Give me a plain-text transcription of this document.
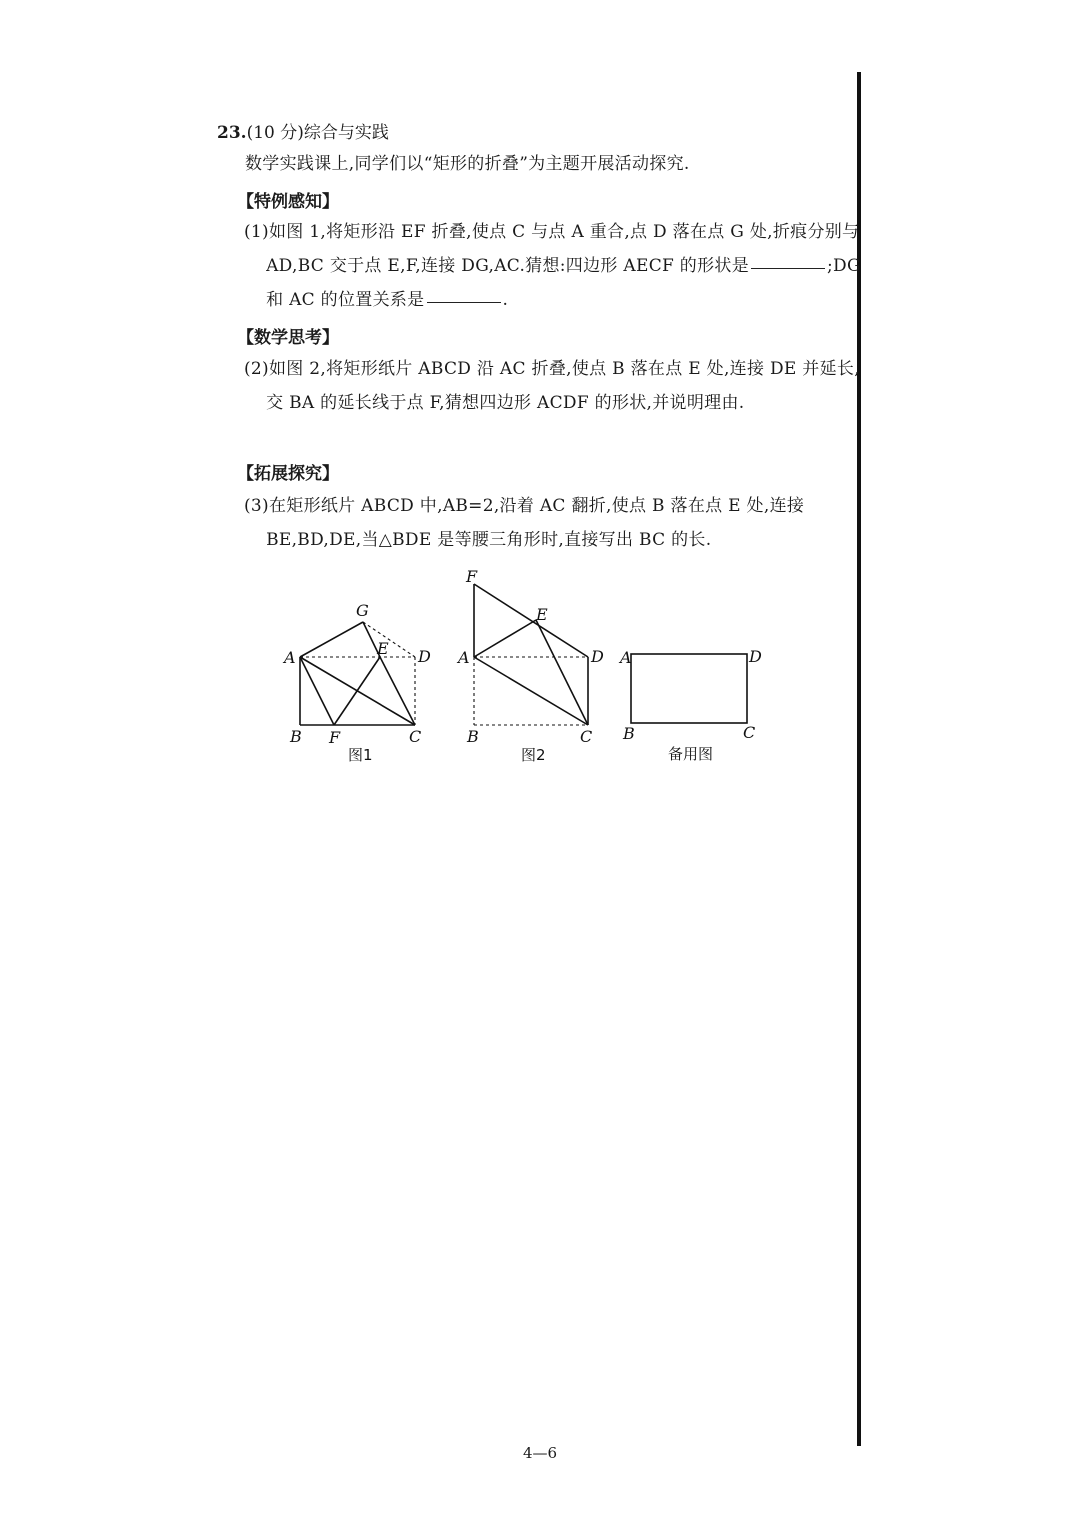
23.(10 分)综合与实践
数学实践课上,同学们以“矩形的折叠”为主题开展活动探究.
【特例感知】
(1)如图 1,将矩形沿 EF 折叠,使点 C 与点 A 重合,点 D 落在点 G 处,折痕分别与 AD,BC 交于点 E,F,连接 DG,AC.猜想:四边形 AECF 的形状是	;DG 和 AC 的位置关系是	.
【数学思考】
(2)如图 2,将矩形纸片 ABCD 沿 AC 折叠,使点 B 落在点 E 处,连接 DE 并延长,交 BA 的延长线于点 F,猜想四边形 ACDF 的形状,并说明理由.
【拓展探究】
(3)在矩形纸片 ABCD 中,AB=2,沿着 AC 翻折,使点 B 落在点 E 处,连接 BE,BD,DE,当△BDE 是等腰三角形时,直接写出 BC 的长.
A
B	C
D
E
F
G
图1
F
E
A	D
B	C
图2
A	D
B	C
备用图
4—6
